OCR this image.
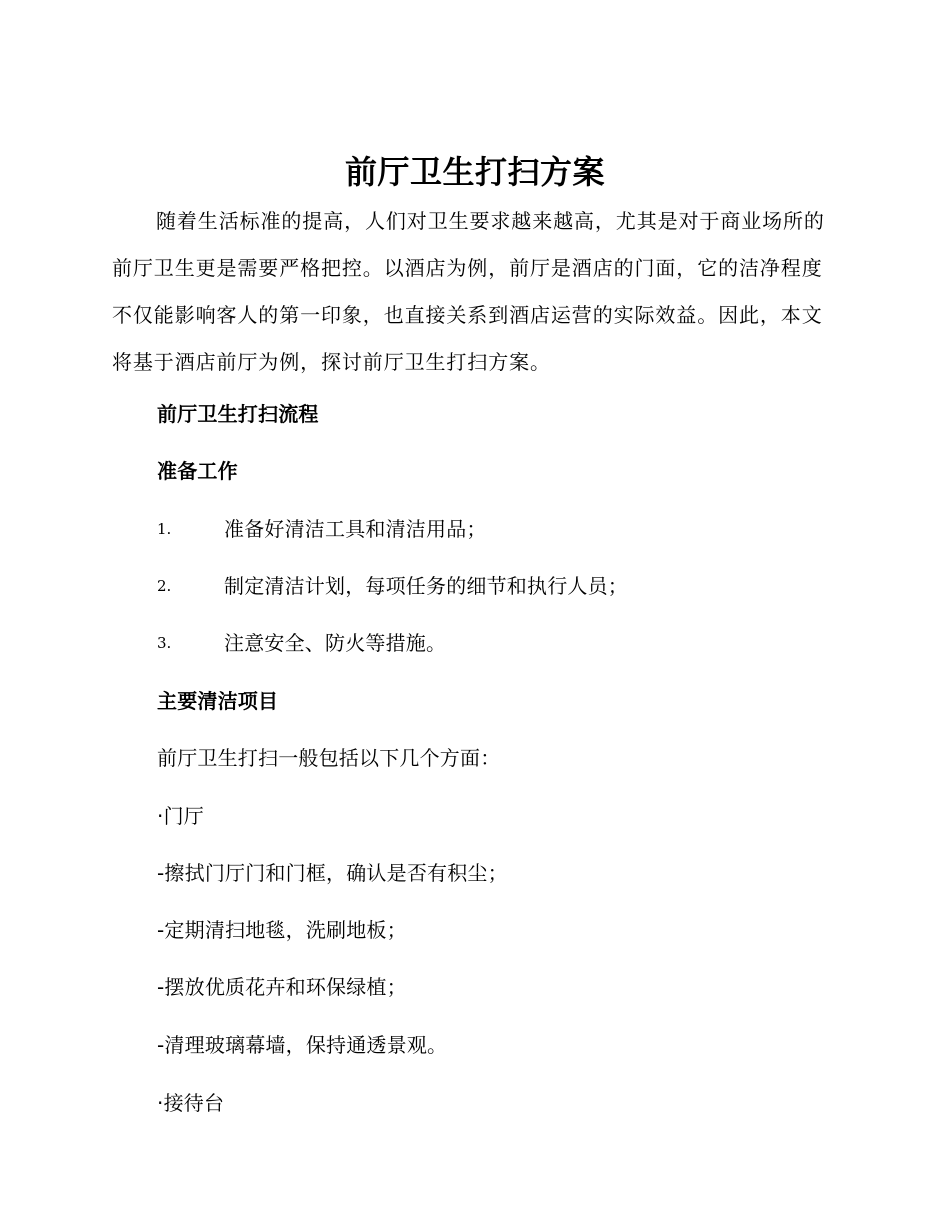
前厅卫生打扫方案

随着生活标准的提高，人们对卫生要求越来越高，尤其是对于商业场所的前厅卫生更是需要严格把控。以酒店为例，前厅是酒店的门面，它的洁净程度不仅能影响客人的第一印象，也直接关系到酒店运营的实际效益。因此，本文将基于酒店前厅为例，探讨前厅卫生打扫方案。

前厅卫生打扫流程
准备工作
1.	准备好清洁工具和清洁用品；
2.	制定清洁计划，每项任务的细节和执行人员；
3.	注意安全、防火等措施。
主要清洁项目
前厅卫生打扫一般包括以下几个方面：
·门厅
-擦拭门厅门和门框，确认是否有积尘；
-定期清扫地毯，洗刷地板；
-摆放优质花卉和环保绿植；
-清理玻璃幕墙，保持通透景观。
·接待台
